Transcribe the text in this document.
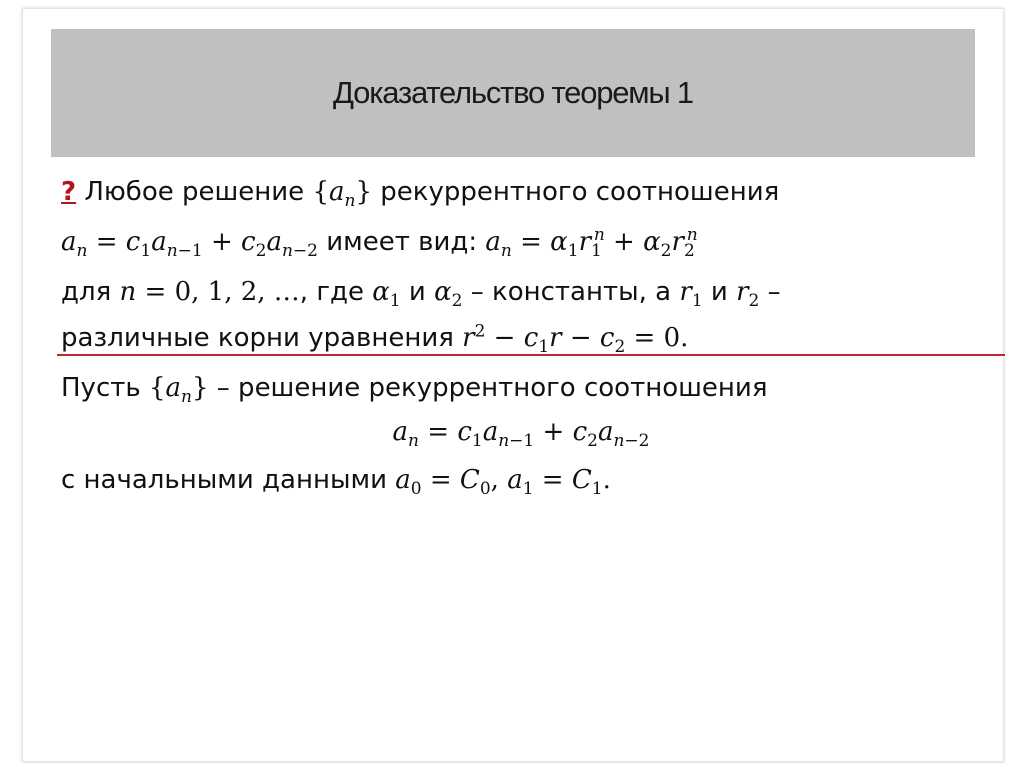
Доказательство теоремы 1
? Любое решение $\{a_n\}$ рекуррентного соотношения
$a_n = c_1a_{n-1} + c_2a_{n-2}$ имеет вид: $a_n = \alpha_1r_1^n + \alpha_2r_2^n$
для n = 0, 1, 2, …, где $\alpha_1$ и $\alpha_2$ – константы, а $r_1$ и $r_2$ –
различные корни уравнения $r^2 - c_1r - c_2 = 0$.
Пусть $\{a_n\}$ – решение рекуррентного соотношения
$a_n = c_1a_{n-1} + c_2a_{n-2}$
с начальными данными $a_0 = C_0$, $a_1 = C_1$.
